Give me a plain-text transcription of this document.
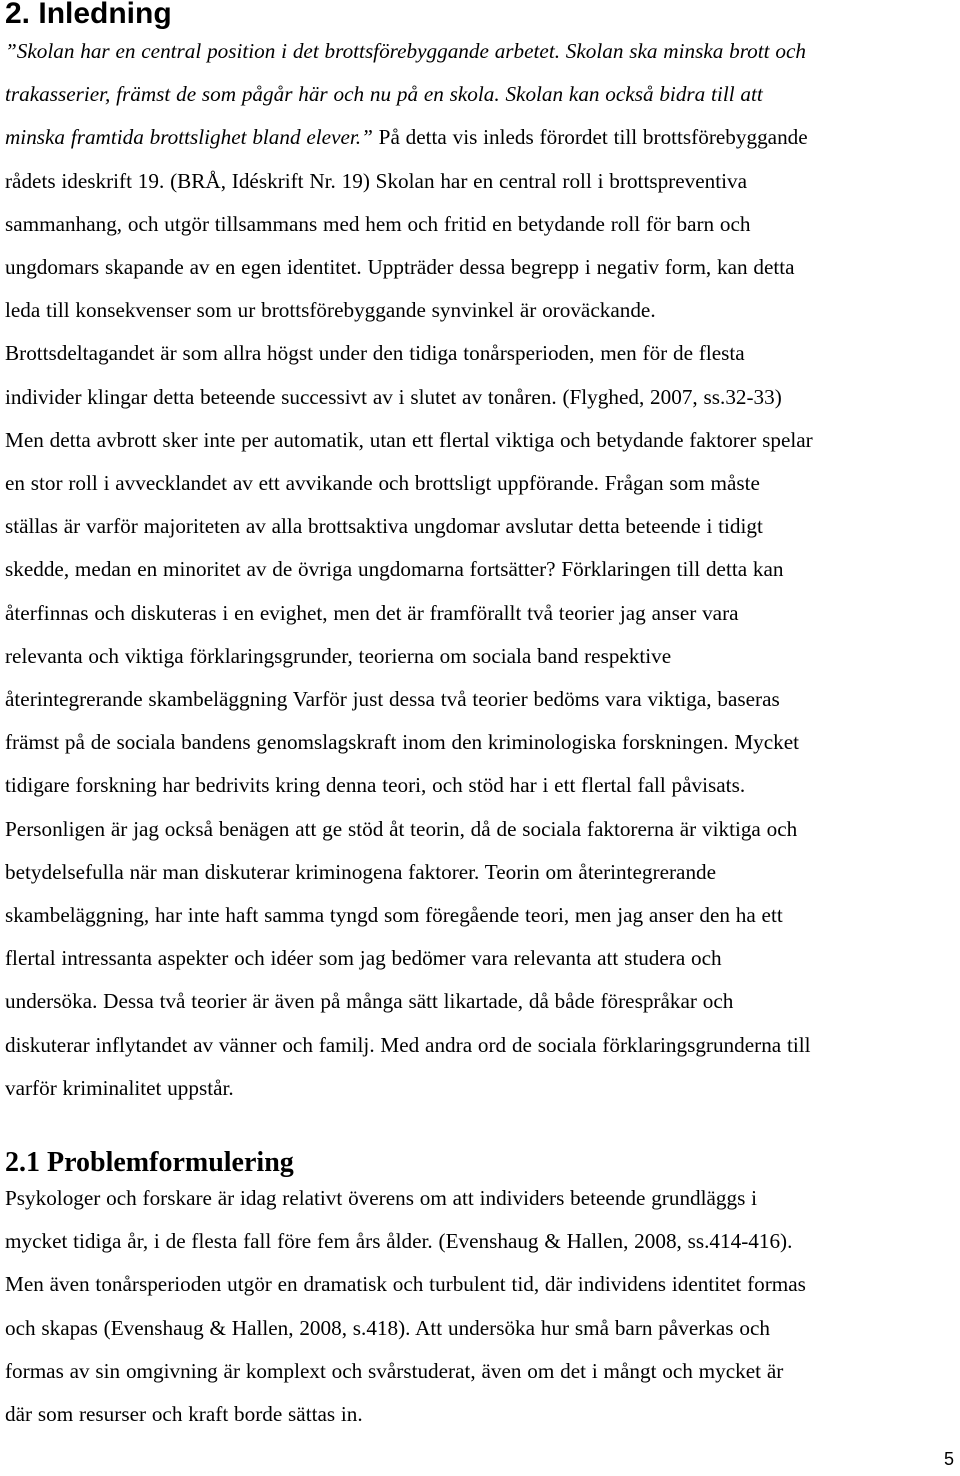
2. Inledning

”Skolan har en central position i det brottsförebyggande arbetet. Skolan ska minska brott och
trakasserier, främst de som pågår här och nu på en skola. Skolan kan också bidra till att
minska framtida brottslighet bland elever.” På detta vis inleds förordet till brottsförebyggande
rådets ideskrift 19. (BRÅ, Idéskrift Nr. 19) Skolan har en central roll i brottspreventiva
sammanhang, och utgör tillsammans med hem och fritid en betydande roll för barn och
ungdomars skapande av en egen identitet. Uppträder dessa begrepp i negativ form, kan detta
leda till konsekvenser som ur brottsförebyggande synvinkel är oroväckande.
Brottsdeltagandet är som allra högst under den tidiga tonårsperioden, men för de flesta
individer klingar detta beteende successivt av i slutet av tonåren. (Flyghed, 2007, ss.32-33)
Men detta avbrott sker inte per automatik, utan ett flertal viktiga och betydande faktorer spelar
en stor roll i avvecklandet av ett avvikande och brottsligt uppförande. Frågan som måste
ställas är varför majoriteten av alla brottsaktiva ungdomar avslutar detta beteende i tidigt
skedde, medan en minoritet av de övriga ungdomarna fortsätter? Förklaringen till detta kan
återfinnas och diskuteras i en evighet, men det är framförallt två teorier jag anser vara
relevanta och viktiga förklaringsgrunder, teorierna om sociala band respektive
återintegrerande skambeläggning Varför just dessa två teorier bedöms vara viktiga, baseras
främst på de sociala bandens genomslagskraft inom den kriminologiska forskningen. Mycket
tidigare forskning har bedrivits kring denna teori, och stöd har i ett flertal fall påvisats.
Personligen är jag också benägen att ge stöd åt teorin, då de sociala faktorerna är viktiga och
betydelsefulla när man diskuterar kriminogena faktorer. Teorin om återintegrerande
skambeläggning, har inte haft samma tyngd som föregående teori, men jag anser den ha ett
flertal intressanta aspekter och idéer som jag bedömer vara relevanta att studera och
undersöka. Dessa två teorier är även på många sätt likartade, då både förespråkar och
diskuterar inflytandet av vänner och familj. Med andra ord de sociala förklaringsgrunderna till
varför kriminalitet uppstår.

2.1 Problemformulering

Psykologer och forskare är idag relativt överens om att individers beteende grundläggs i
mycket tidiga år, i de flesta fall före fem års ålder. (Evenshaug & Hallen, 2008, ss.414-416).
Men även tonårsperioden utgör en dramatisk och turbulent tid, där individens identitet formas
och skapas (Evenshaug & Hallen, 2008, s.418). Att undersöka hur små barn påverkas och
formas av sin omgivning är komplext och svårstuderat, även om det i mångt och mycket är
där som resurser och kraft borde sättas in.

5
